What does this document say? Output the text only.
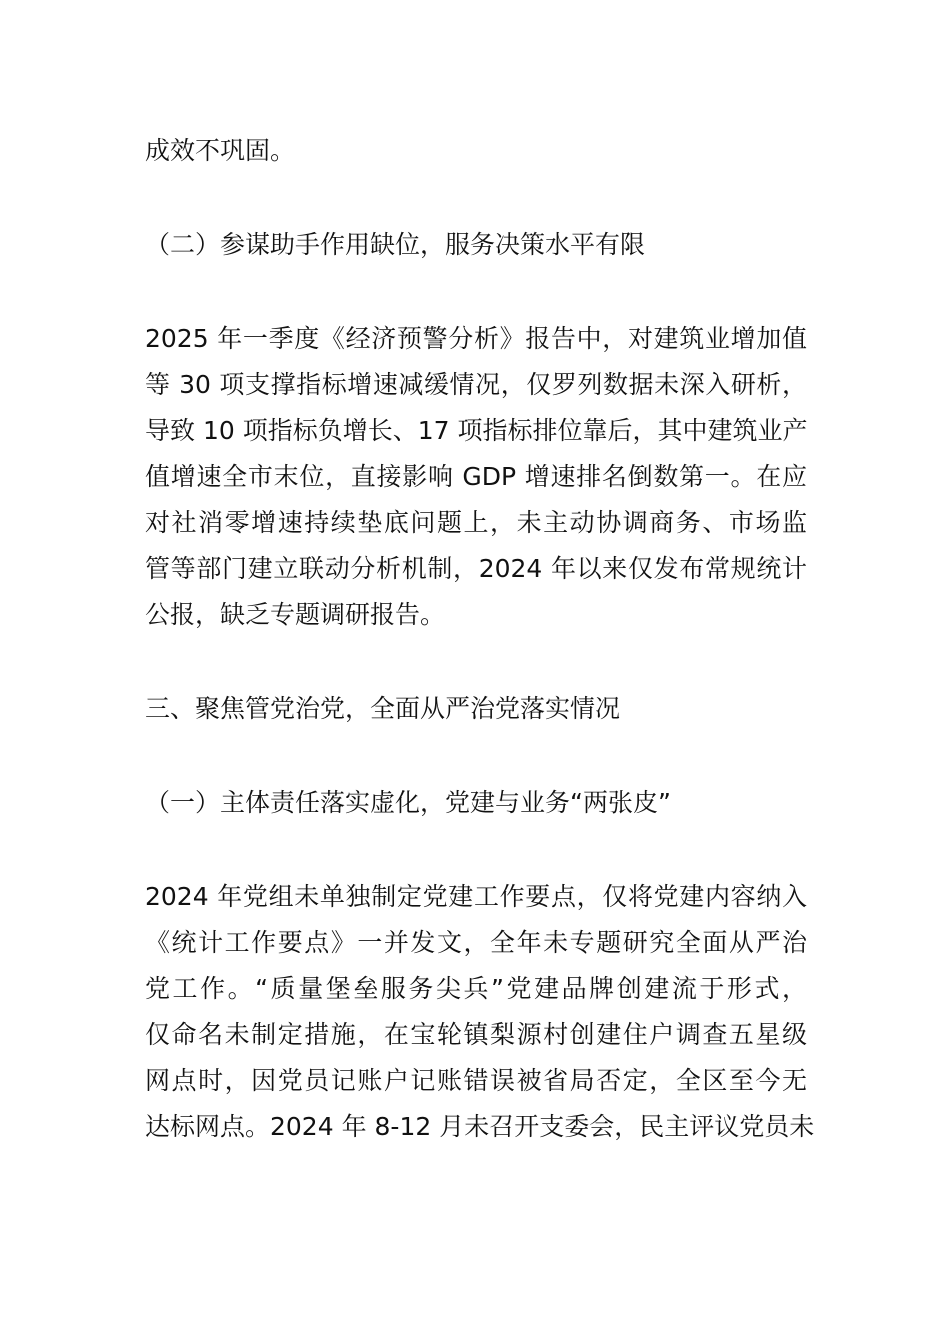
成效不巩固。
（二）参谋助手作用缺位，服务决策水平有限
2025 年一季度《经济预警分析》报告中，对建筑业增加值
等 30 项支撑指标增速减缓情况，仅罗列数据未深入研析，
导致 10 项指标负增长、17 项指标排位靠后，其中建筑业产
值增速全市末位，直接影响 GDP 增速排名倒数第一。在应
对社消零增速持续垫底问题上，未主动协调商务、市场监
管等部门建立联动分析机制，2024 年以来仅发布常规统计
公报，缺乏专题调研报告。
三、聚焦管党治党，全面从严治党落实情况
（一）主体责任落实虚化，党建与业务“两张皮”
2024 年党组未单独制定党建工作要点，仅将党建内容纳入
《统计工作要点》一并发文，全年未专题研究全面从严治
党工作。“质量堡垒服务尖兵”党建品牌创建流于形式，
仅命名未制定措施，在宝轮镇梨源村创建住户调查五星级
网点时，因党员记账户记账错误被省局否定，全区至今无
达标网点。2024 年 8-12 月未召开支委会，民主评议党员未
